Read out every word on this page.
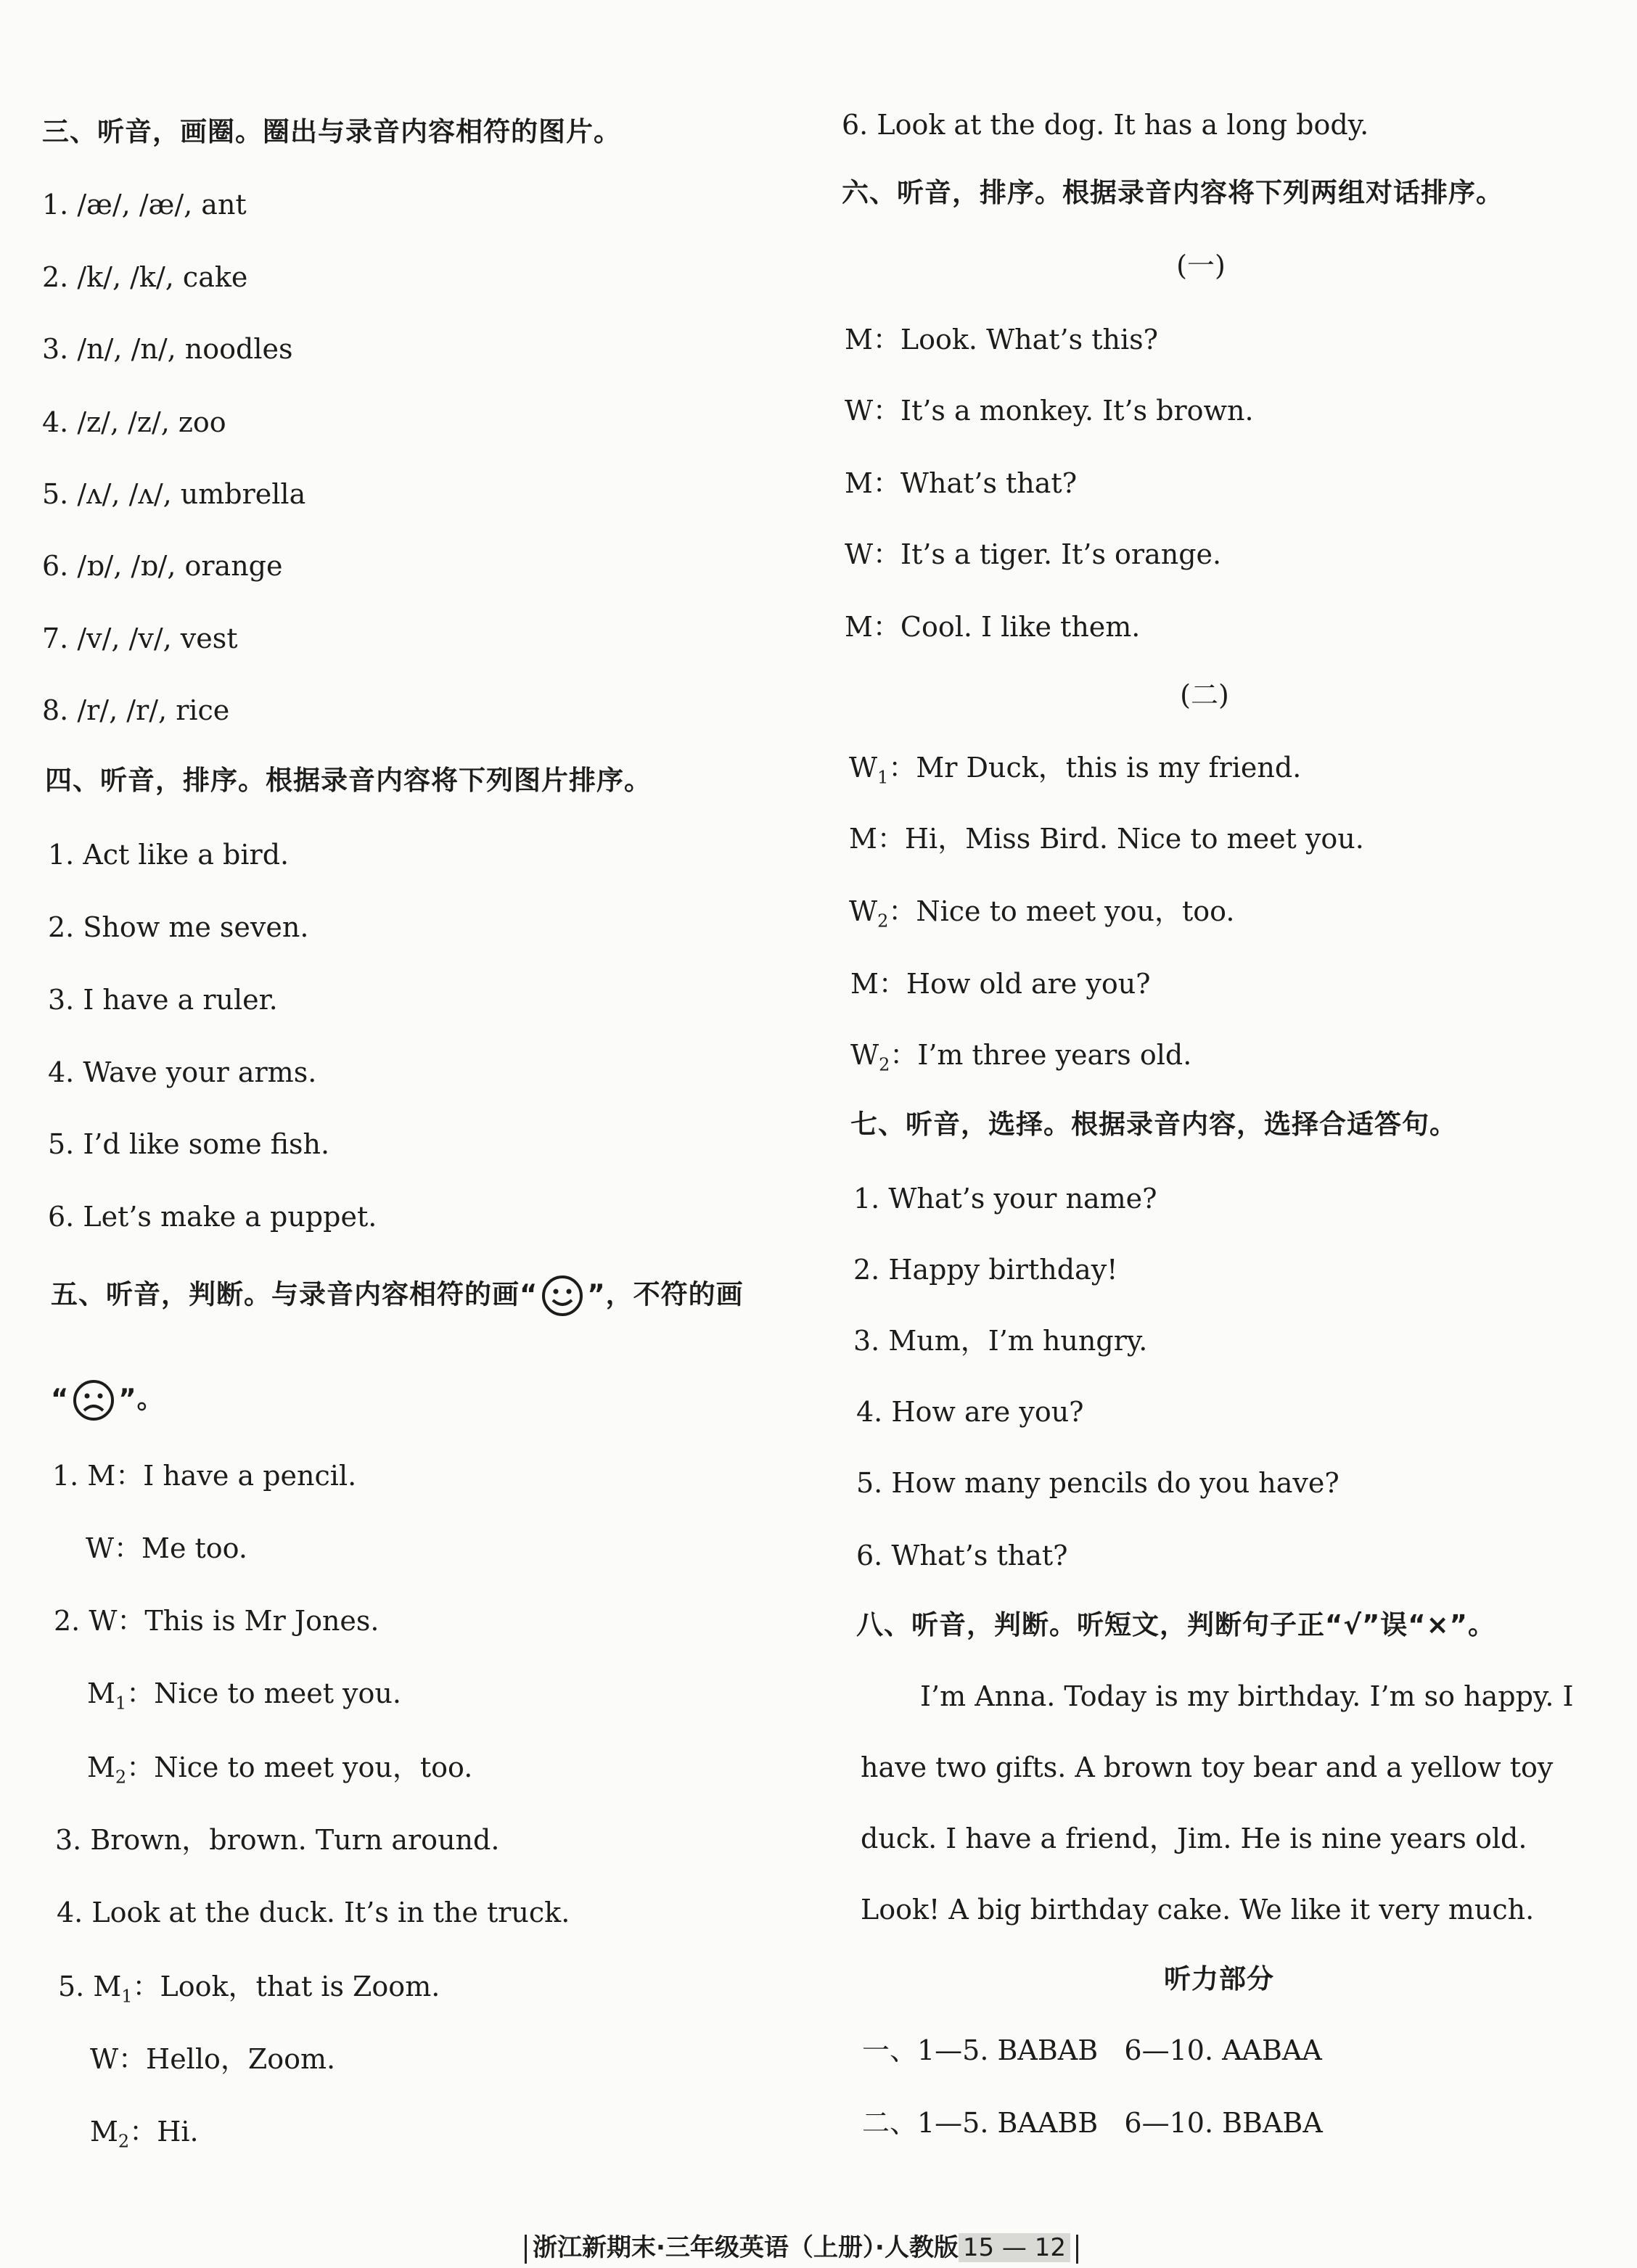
三、听音，画圈。圈出与录音内容相符的图片。
1. /æ/, /æ/, ant
2. /k/, /k/, cake
3. /n/, /n/, noodles
4. /z/, /z/, zoo
5. /ʌ/, /ʌ/, umbrella
6. /ɒ/, /ɒ/, orange
7. /v/, /v/, vest
8. /r/, /r/, rice
四、听音，排序。根据录音内容将下列图片排序。
1. Act like a bird.
2. Show me seven.
3. I have a ruler.
4. Wave your arms.
5. I’d like some fish.
6. Let’s make a puppet.
五、听音，判断。与录音内容相符的画“ ”，不符的画
“ ”。
1. M：I have a pencil.
W：Me too.
2. W：This is Mr Jones.
$M_1$：Nice to meet you.
$M_2$：Nice to meet you，too.
3. Brown，brown. Turn around.
4. Look at the duck. It’s in the truck.
5. $M_1$：Look，that is Zoom.
W：Hello，Zoom.
$M_2$：Hi.
6. Look at the dog. It has a long body.
六、听音，排序。根据录音内容将下列两组对话排序。
(一)
M：Look. What’s this?
W：It’s a monkey. It’s brown.
M：What’s that?
W：It’s a tiger. It’s orange.
M：Cool. I like them.
(二)
$W_1$：Mr Duck，this is my friend.
M：Hi，Miss Bird. Nice to meet you.
$W_2$：Nice to meet you，too.
M：How old are you?
$W_2$：I’m three years old.
七、听音，选择。根据录音内容，选择合适答句。
1. What’s your name?
2. Happy birthday!
3. Mum，I’m hungry.
4. How are you?
5. How many pencils do you have?
6. What’s that?
八、听音，判断。听短文，判断句子正“√”误“×”。
I’m Anna. Today is my birthday. I’m so happy. I
have two gifts. A brown toy bear and a yellow toy
duck. I have a friend，Jim. He is nine years old.
Look! A big birthday cake. We like it very much.
听力部分
一、1—5. BABAB   6—10. AABAA
二、1—5. BAABB   6—10. BBABA
浙江新期末·三年级英语（上册）·人教版 15 — 12
